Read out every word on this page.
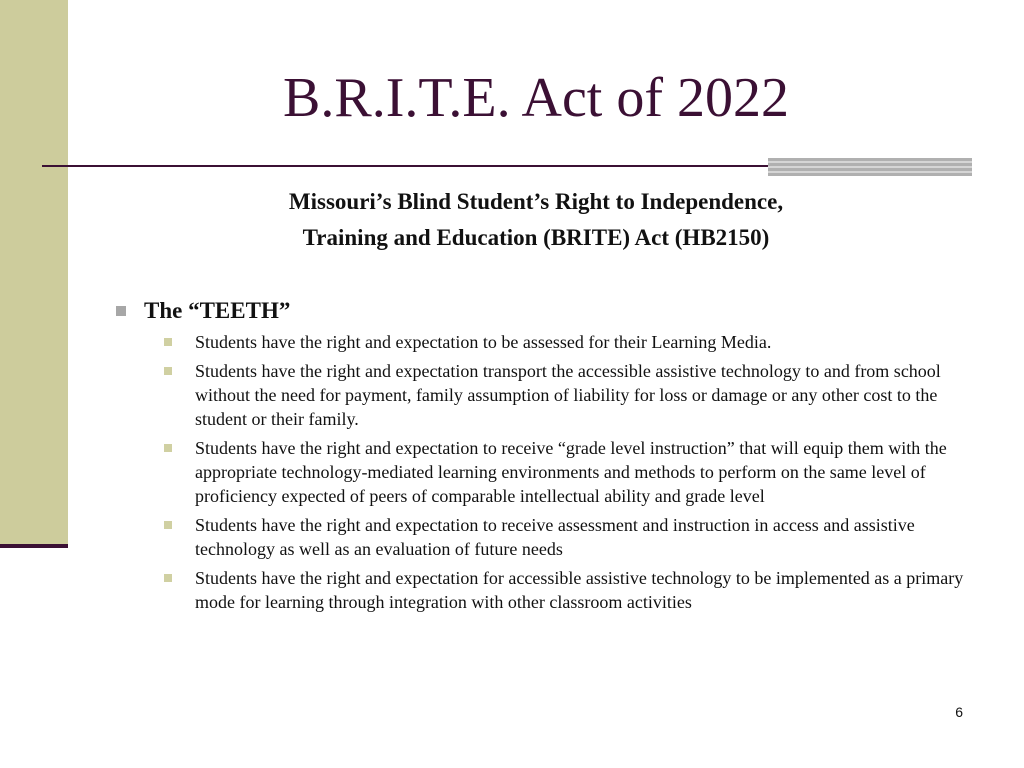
B.R.I.T.E. Act of 2022
Missouri’s Blind Student’s Right to Independence,
Training and Education (BRITE) Act (HB2150)
The “TEETH”
Students have the right and expectation to be assessed for their Learning Media.
Students have the right and expectation transport the accessible assistive technology to and from school without the need for payment, family assumption of liability for loss or damage or any other cost to the student or their family.
Students have the right and expectation to receive “grade level instruction” that will equip them with the appropriate technology-mediated learning environments and methods to perform on the same level of proficiency expected of peers of comparable intellectual ability and grade level
Students have the right and expectation to receive assessment and instruction in access and assistive technology as well as an evaluation of future needs
Students have the right and expectation for accessible assistive technology to be implemented as a primary mode for learning through integration with other classroom activities
6
